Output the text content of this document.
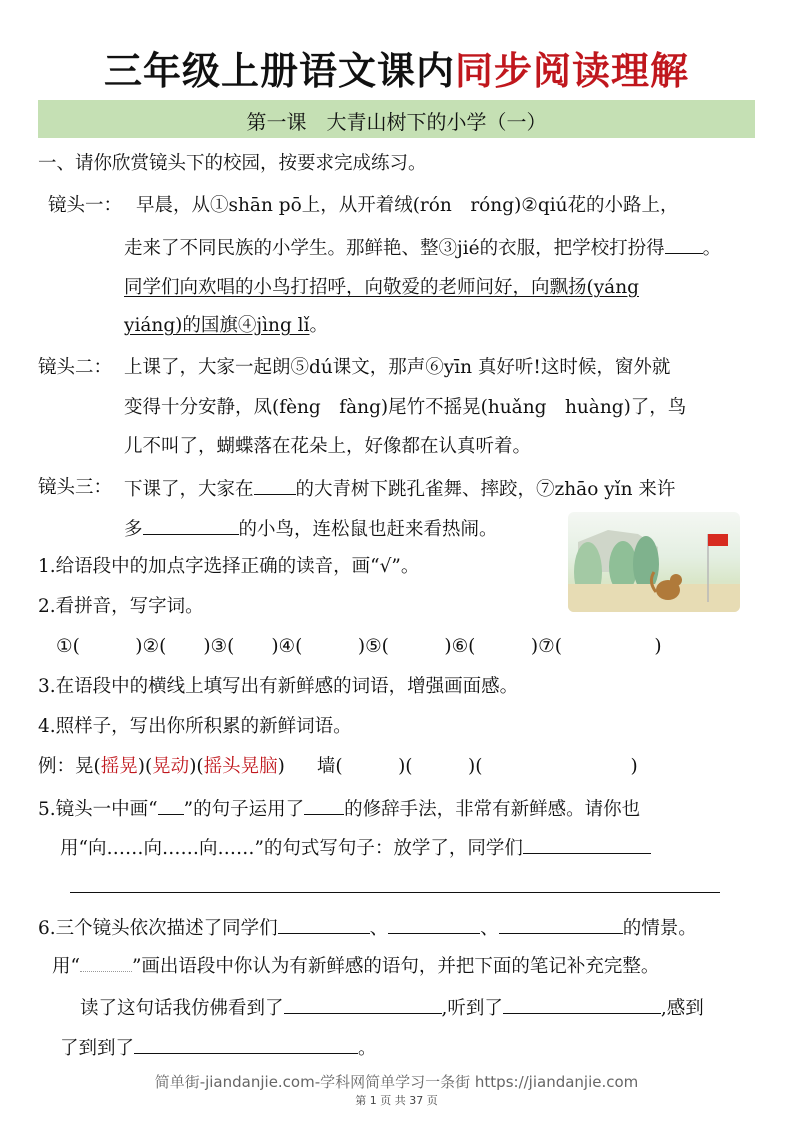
三年级上册语文课内同步阅读理解
第一课　大青山树下的小学（一）
一、请你欣赏镜头下的校园，按要求完成练习。
镜头一： 早晨，从①shān pō上，从开着绒(rón　róng)②qiú花的小路上，
走来了不同民族的小学生。那鲜艳、整③jié的衣服，把学校打扮得 。
同学们向欢唱的小鸟打招呼，向敬爱的老师问好，向飘扬(yáng
yiáng)的国旗④jìng lǐ。
镜头二： 上课了，大家一起朗⑤dú课文，那声⑥yīn 真好听!这时候，窗外就
变得十分安静，凤(fèng　fàng)尾竹不摇晃(huǎng　huàng)了，鸟
儿不叫了，蝴蝶落在花朵上，好像都在认真听着。
镜头三： 下课了，大家在 的大青树下跳孔雀舞、摔跤，⑦zhāo yǐn 来许
多	的小鸟，连松鼠也赶来看热闹。
1.给语段中的加点字选择正确的读音，画“√”。
2.看拼音，写字词。
①(　　　)②(　　)③(　　)④(　　　)⑤(　　　)⑥(　　　)⑦(　　　　　)
3.在语段中的横线上填写出有新鲜感的词语，增强画面感。
4.照样子，写出你所积累的新鲜词语。
例：晃(摇晃)(晃动)(摇头晃脑) 墙(　　　)(　　　)(　　　　　　　　)
5.镜头一中画“ ”的句子运用了 的修辞手法，非常有新鲜感。请你也
用“向……向……向……”的句式写句子：放学了，同学们
6.三个镜头依次描述了同学们	、	、	的情景。
用“	”画出语段中你认为有新鲜感的语句，并把下面的笔记补充完整。
读了这句话我仿佛看到了	,听到了	,感到
了到到了	。
简单街-jiandanjie.com-学科网简单学习一条街 https://jiandanjie.com
第 1 页 共 37 页
